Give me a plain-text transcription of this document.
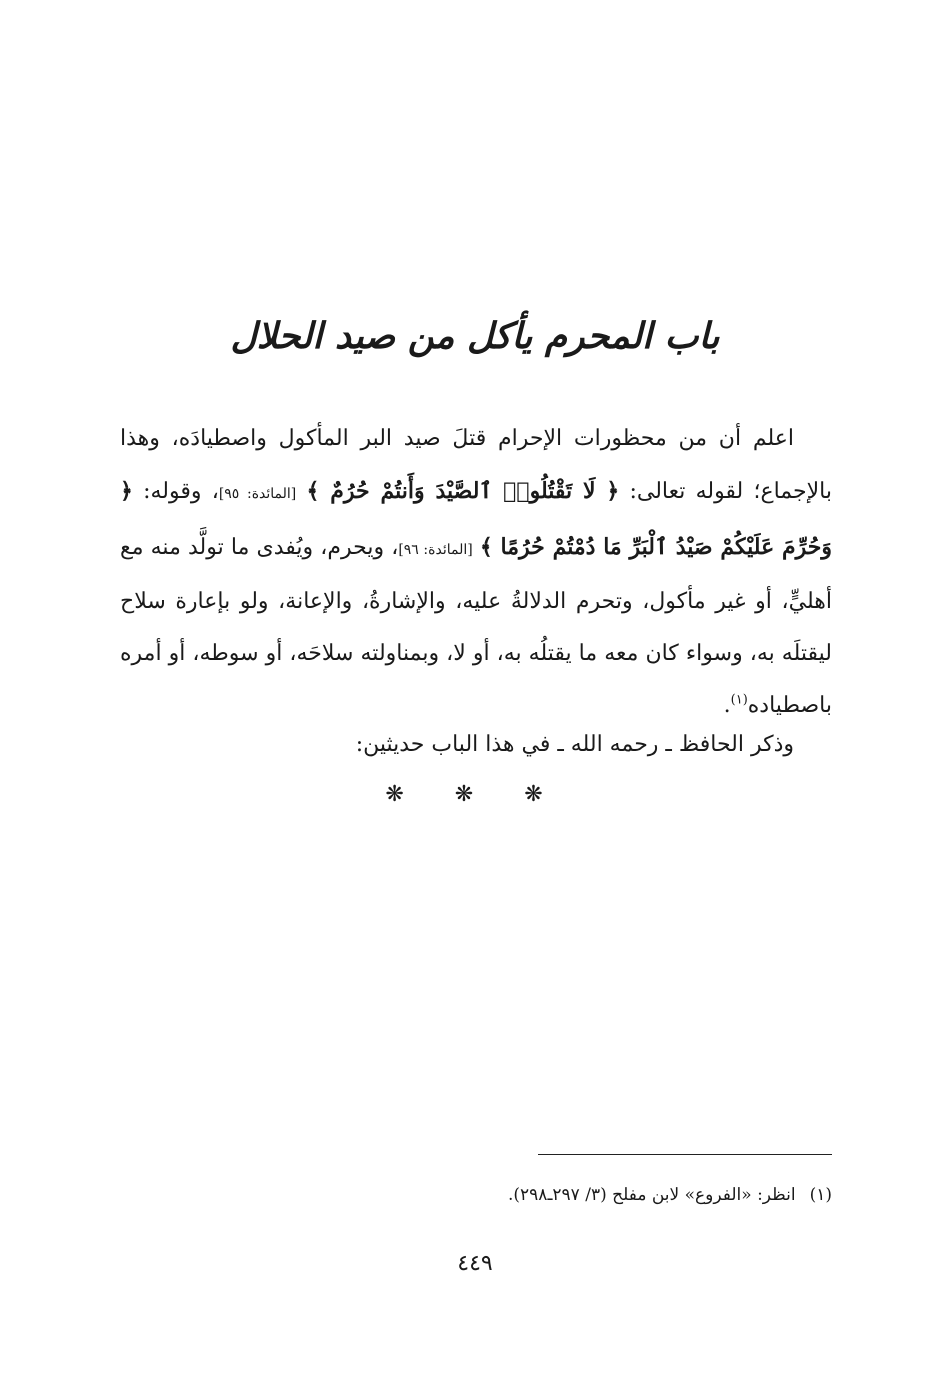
باب المحرم يأكل من صيد الحلال

اعلم أن من محظورات الإحرام قتلَ صيد البر المأكول واصطيادَه، وهذا بالإجماع؛ لقوله تعالى: ﴿ لَا تَقْتُلُوا۟ ٱلصَّيْدَ وَأَنتُمْ حُرُمٌ ﴾ [المائدة: ٩٥]، وقوله: ﴿ وَحُرِّمَ عَلَيْكُمْ صَيْدُ ٱلْبَرِّ مَا دُمْتُمْ حُرُمًا ﴾ [المائدة: ٩٦]، ويحرم، ويُفدى ما تولَّد منه مع أهليٍّ، أو غير مأكول، وتحرم الدلالةُ عليه، والإشارةُ، والإعانة، ولو بإعارة سلاح ليقتلَه به، وسواء كان معه ما يقتلُه به، أو لا، وبمناولته سلاحَه، أو سوطه، أو أمره باصطياده$^{(١)}$.

وذكر الحافظ ـ رحمه الله ـ في هذا الباب حديثين:

❋ ❋ ❋

(١)انظر: «الفروع» لابن مفلح (٣/ ٢٩٧ـ٢٩٨).

٤٤٩
